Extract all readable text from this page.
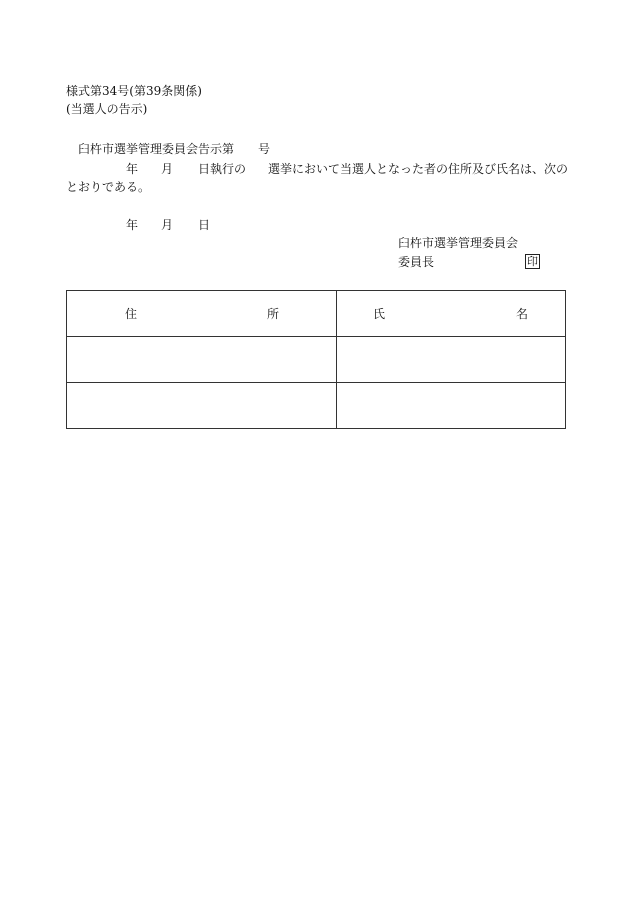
様式第34号(第39条関係)
(当選人の告示)
臼杵市選挙管理委員会告示第 号
年 月 日執行の 選挙において当選人となった者の住所及び氏名は、次の
とおりである。
年 月 日
臼杵市選挙管理委員会
委員長	印
住 所	氏 名
